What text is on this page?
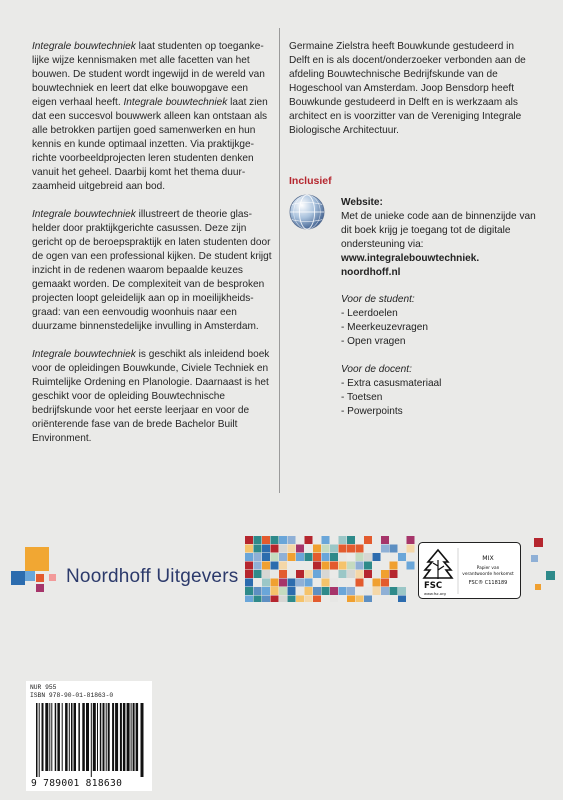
Integrale bouwtechniek laat studenten op toeganke- lijke wijze kennismaken met alle facetten van het bouwen. De student wordt ingewijd in de wereld van bouwtechniek en leert dat elke bouwopgave een eigen verhaal heeft. Integrale bouwtechniek laat zien dat een succesvol bouwwerk alleen kan ontstaan als alle betrokken partijen goed samenwerken en hun kennis en kunde optimaal inzetten. Via praktijkge- richte voorbeeldprojecten leren studenten denken vanuit het geheel. Daarbij komt het thema duur- zaamheid uitgebreid aan bod.

Integrale bouwtechniek illustreert de theorie glas- helder door praktijkgerichte casussen. Deze zijn gericht op de beroepspraktijk en laten studenten door de ogen van een professional kijken. De student krijgt inzicht in de redenen waarom bepaalde keuzes gemaakt worden. De complexiteit van de besproken projecten loopt geleidelijk aan op in moeilijkheids- graad: van een eenvoudig woonhuis naar een duurzame binnenstedelijke invulling in Amsterdam.

Integrale bouwtechniek is geschikt als inleidend boek voor de opleidingen Bouwkunde, Civiele Techniek en Ruimtelijke Ordening en Planologie. Daarnaast is het geschikt voor de opleiding Bouwtechnische bedrijfskunde voor het eerste leerjaar en voor de oriënterende fase van de brede Bachelor Built Environment.

Germaine Zielstra heeft Bouwkunde gestudeerd in Delft en is als docent/onderzoeker verbonden aan de afdeling Bouwtechnische Bedrijfskunde van de Hogeschool van Amsterdam. Joop Bensdorp heeft Bouwkunde gestudeerd in Delft en is werkzaam als architect en is voorzitter van de Vereniging Integrale Biologische Architectuur.

Inclusief
Website:
Met de unieke code aan de binnenzijde van dit boek krijg je toegang tot de digitale ondersteuning via:
www.integralebouwtechniek.
noordhoff.nl
Voor de student:
- Leerdoelen
- Meerkeuzevragen
- Open vragen
Voor de docent:
- Extra casusmateriaal
- Toetsen
- Powerpoints
Noordhoff Uitgevers	FSC
www.fsc.org
MIX
Papier van
verantwoorde herkomst
FSC® C118189
NUR 955
ISBN 978-90-01-81863-0
9 789001 818630
